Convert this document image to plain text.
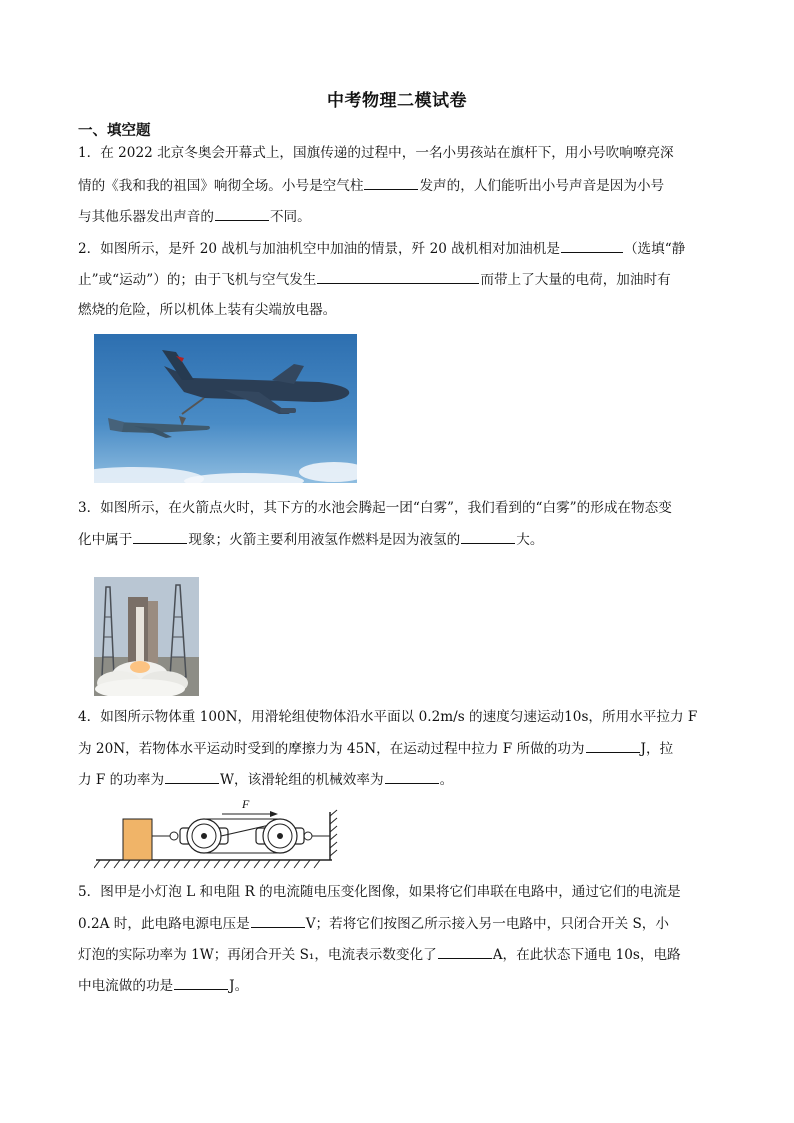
中考物理二模试卷
一、填空题
1．在 2022 北京冬奥会开幕式上，国旗传递的过程中，一名小男孩站在旗杆下，用小号吹响嘹亮深
情的《我和我的祖国》响彻全场。小号是空气柱	发声的，人们能听出小号声音是因为小号
与其他乐器发出声音的	不同。
2．如图所示，是歼 20 战机与加油机空中加油的情景，歼 20 战机相对加油机是	（选填“静
止”或“运动”）的；由于飞机与空气发生	而带上了大量的电荷，加油时有
燃烧的危险，所以机体上装有尖端放电器。
3．如图所示，在火箭点火时，其下方的水池会腾起一团“白雾”，我们看到的“白雾”的形成在物态变
化中属于	现象；火箭主要利用液氢作燃料是因为液氢的	大。
4．如图所示物体重 100N，用滑轮组使物体沿水平面以 0.2m/s 的速度匀速运动10s，所用水平拉力 F
为 20N，若物体水平运动时受到的摩擦力为 45N，在运动过程中拉力 F 所做的功为	J，拉
力 F 的功率为	W，该滑轮组的机械效率为	。
F
5．图甲是小灯泡 L 和电阻 R 的电流随电压变化图像，如果将它们串联在电路中，通过它们的电流是
0.2A 时，此电路电源电压是	V；若将它们按图乙所示接入另一电路中，只闭合开关 S，小
灯泡的实际功率为 1W；再闭合开关 S₁，电流表示数变化了	A，在此状态下通电 10s，电路
中电流做的功是	J。
